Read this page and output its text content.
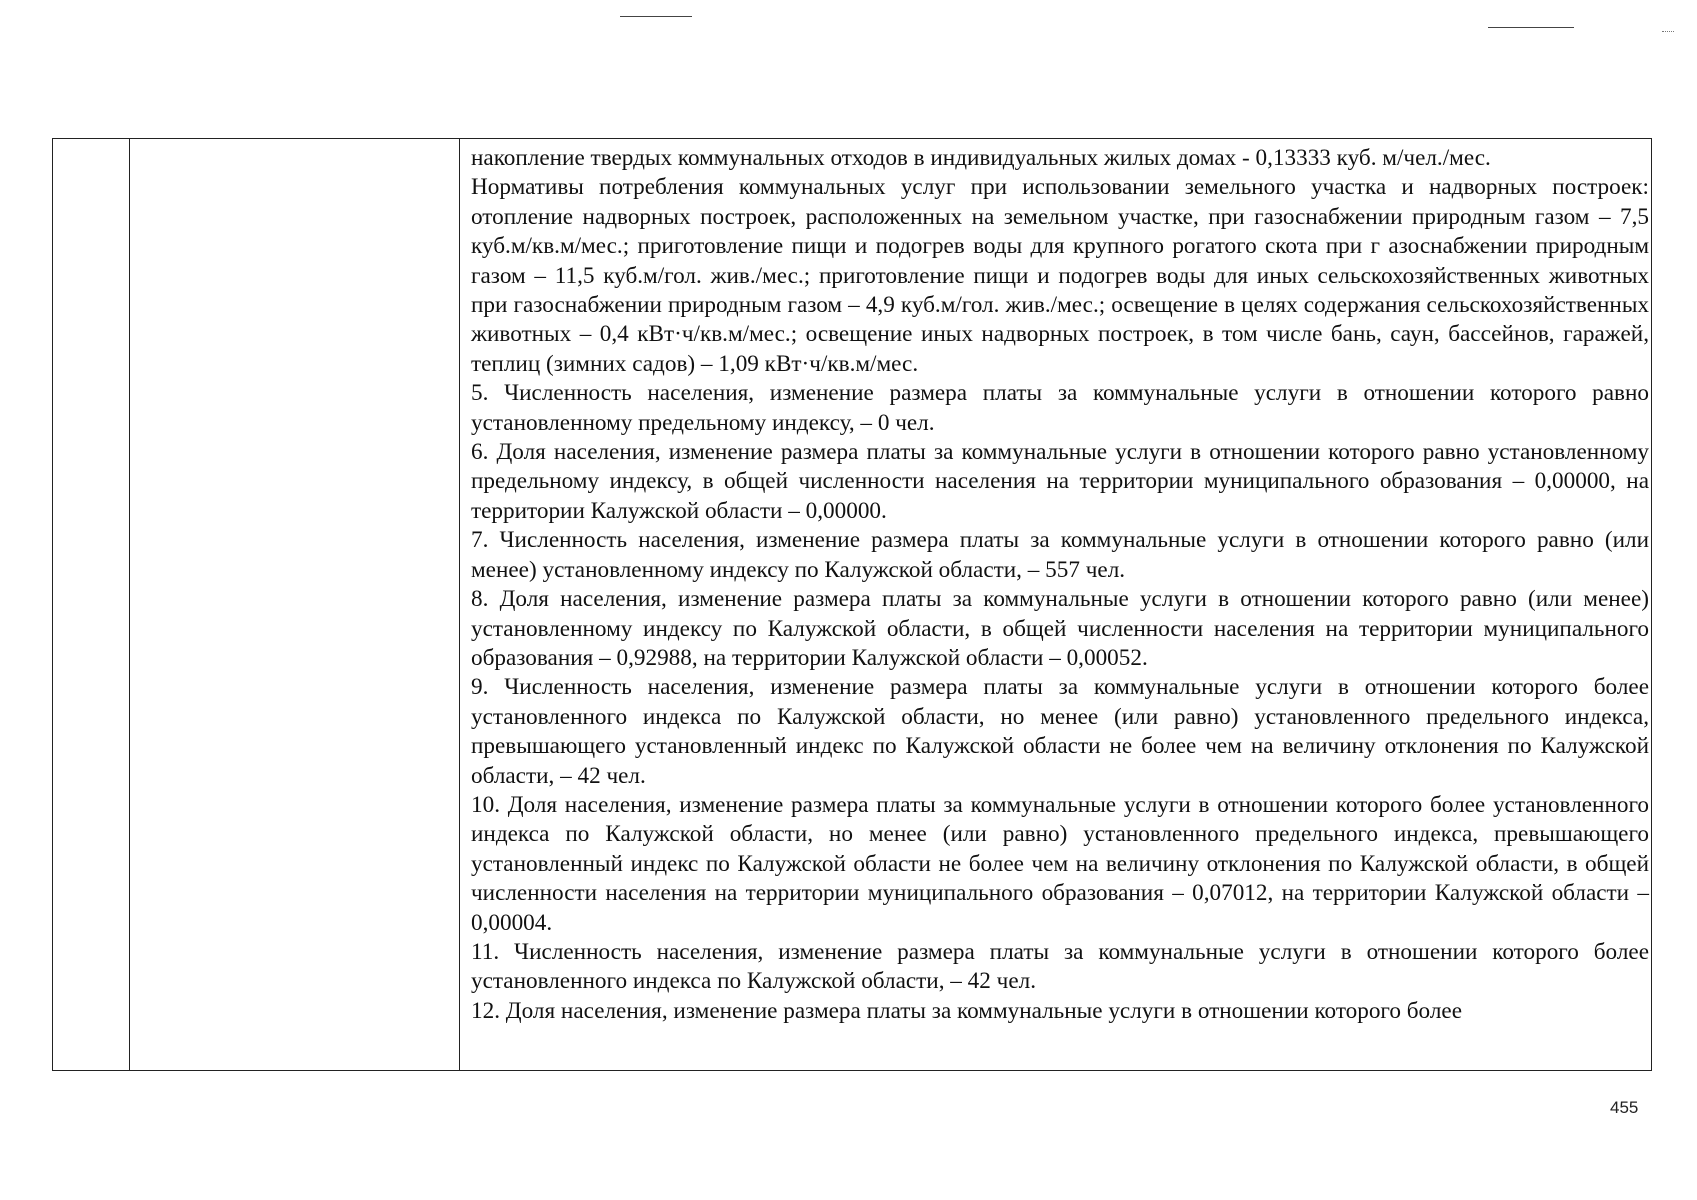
накопление твердых коммунальных отходов в индивидуальных жилых домах - 0,13333 куб. м/чел./мес.

Нормативы потребления коммунальных услуг при использовании земельного участка и надворных построек: отопление надворных построек, расположенных на земельном участке, при газоснабжении природным газом – 7,5 куб.м/кв.м/мес.; приготовление пищи и подогрев воды для крупного рогатого скота при г азоснабжении природным газом – 11,5 куб.м/гол. жив./мес.; приготовление пищи и подогрев воды для иных сельскохозяйственных животных при газоснабжении природным газом – 4,9 куб.м/гол. жив./мес.; освещение в целях содержания сельскохозяйственных животных – 0,4 кВт·ч/кв.м/мес.; освещение иных надворных построек, в том числе бань, саун, бассейнов, гаражей, теплиц (зимних садов) – 1,09 кВт·ч/кв.м/мес.

5. Численность населения, изменение размера платы за коммунальные услуги в отношении которого равно установленному предельному индексу, – 0 чел.

6. Доля населения, изменение размера платы за коммунальные услуги в отношении которого равно установленному предельному индексу, в общей численности населения на территории муниципального образования – 0,00000, на территории Калужской области – 0,00000.

7. Численность населения, изменение размера платы за коммунальные услуги в отношении которого равно (или менее) установленному индексу по Калужской области, – 557 чел.

8. Доля населения, изменение размера платы за коммунальные услуги в отношении которого равно (или менее) установленному индексу по Калужской области, в общей численности населения на территории муниципального образования – 0,92988, на территории Калужской области – 0,00052.

9. Численность населения, изменение размера платы за коммунальные услуги в отношении которого более установленного индекса по Калужской области, но менее (или равно) установленного предельного индекса, превышающего установленный индекс по Калужской области не более чем на величину отклонения по Калужской области, – 42 чел.

10. Доля населения, изменение размера платы за коммунальные услуги в отношении которого более установленного индекса по Калужской области, но менее (или равно) установленного предельного индекса, превышающего установленный индекс по Калужской области не более чем на величину отклонения по Калужской области, в общей численности населения на территории муниципального образования – 0,07012, на территории Калужской области – 0,00004.

11. Численность населения, изменение размера платы за коммунальные услуги в отношении которого более установленного индекса по Калужской области, – 42 чел.

12. Доля населения, изменение размера платы за коммунальные услуги в отношении которого более

455
